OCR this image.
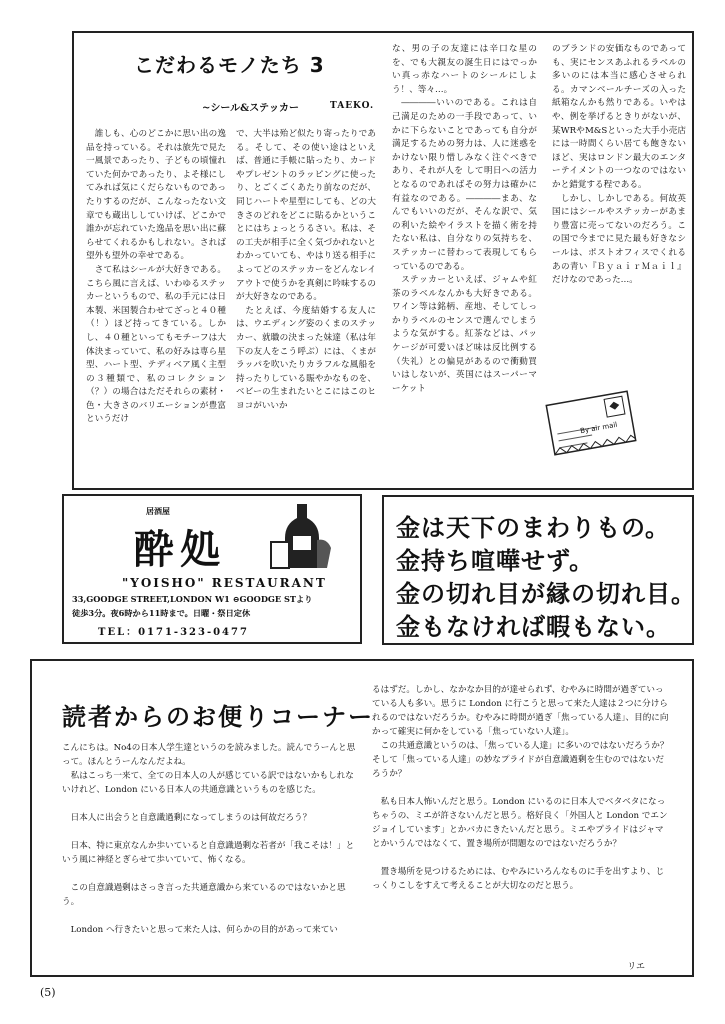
こだわるモノたち 3
~シール&ステッカー	TAEKO.
　誰しも、心のどこかに思い出の逸品を持っている。それは旅先で見た一風景であったり、子どもの頃憧れていた何かであったり、よそ様にしてみれば気にくだらないものであったりするのだが、こんなったない文章でも蔵出ししていけば、どこかで誰かが忘れていた逸品を思い出に蘇らせてくれるかもしれない。されば望外も望外の幸せである。
　さて私はシールが大好きである。こちら風に言えば、いわゆるステッカーというもので、私の手元には日本製、米国製合わせてざっと４０種（！）ほど持ってきている。しかし、４０種といってもモチーフは大体決まっていて、私の好みは専ら星型、ハート型、テディベア風く主型の３種類で、私のコレクション（？）の場合はただそれらの素材・色・大きさのバリエーションが豊富というだけ
で、大半は殆ど似たり寄ったりである。そして、その使い途はといえば、普通に手帳に貼ったり、カードやプレゼントのラッピングに使ったり、とごくごくあたり前なのだが、同じハートや星型にしても、どの大きさのどれをどこに貼るかということにはちょっとうるさい。私は、その工夫が相手に全く気づかれないとわかっていても、やはり送る相手によってどのステッカーをどんなレイアウトで使うかを真剣に吟味するのが大好きなのである。
　たとえば、今度結婚する友人には、ウエディング姿のくまのステッカー、就職の決まった妹達（私は年下の友人をこう呼ぶ）には、くまがラッパを吹いたりカラフルな風船を持ったりしている賑やかなものを、ベビーの生まれたいとこにはこのヒヨコがいいか
な、男の子の友達には辛口な星のを、でも大親友の誕生日にはでっかい真っ赤なハートのシールにしよう！、等々…。
　――――いいのである。これは自己満足のための一手段であって、いかに下らないことであっても自分が満足するための努力は、人に迷惑をかけない限り惜しみなく注ぐべきであり、それが人を して明日への活力となるのであればその努力は確かに有益なのである。――――まあ、なんでもいいのだが、そんな訳で、気の利いた絵やイラストを描く術を持たない私は、自分なりの気持ちを、ステッカーに替わって表現してもらっているのである。
　ステッカーといえば、ジャムや紅茶のラベルなんかも大好きである。ワイン等は銘柄、産地、そしてしっかりラベルのセンスで選んでしまうような気がする。紅茶などは、パッケージが可愛いほど味は反比例する（失礼）との偏見があるので衝動買いはしないが、英国にはスーパーマーケット
のブランドの安価なものであっても、実にセンスあふれるラベルの多いのには本当に感心させられる。カマンベールチーズの入った紙箱なんかも然りである。いやはや、例を挙げるときりがないが、某WRやM&Sといった大手小売店には一時間くらい居ても飽きないほど、実はロンドン最大のエンターテイメントの一つなのではないかと錯覚する程である。
　しかし、しかしである。何故英国にはシールやステッカーがあまり豊富に売ってないのだろう。この国で今までに見た最も好きなシールは、ポストオフィスでくれるあの青い『ＢｙａｉｒＭａｉｌ』だけなのであった…。
By air mail
居酒屋
酔処
"YOISHO" RESTAURANT
33,GOODGE STREET,LONDON W1 ⊖GOODGE STより
徒歩3分。夜6時から11時まで。日曜・祭日定休
TEL：0171-323-0477
金は天下のまわりもの。
金持ち喧嘩せず。
金の切れ目が縁の切れ目。
金もなければ暇もない。
読者からのお便りコーナー
こんにちは。No4の日本人学生達というのを読みました。読んでうーんと思って。ほんとうーんなんだよね。
　私はこっち一来て、全ての日本人の人が感じている訳ではないかもしれないけれど、London にいる日本人の共通意識というものを感じた。

　日本人に出会うと自意識過剰になってしまうのは何故だろう？

　日本、特に東京なんか歩いていると自意識過剰な若者が「我こそは！」という風に神経とぎらせて歩いていて、怖くなる。

　この自意識過剰はさっき言った共通意識から来ているのではないかと思う。

　London へ行きたいと思って来た人は、何らかの目的があって来てい
るはずだ。しかし、なかなか目的が達せられず、むやみに時間が過ぎていっている人も多い。思うに London に行こうと思って来た人達は２つに分けられるのではないだろうか。むやみに時間が過ぎ「焦っている人達」、目的に向かって確実に何かをしている「焦っていない人達」。
　この共通意識というのは、「焦っている人達」に多いのではないだろうか？そして「焦っている人達」の妙なプライドが自意識過剰を生むのではないだろうか？

　私も日本人怖いんだと思う。London にいるのに日本人でベタベタになっちゃうの、ミエが許さないんだと思う。格好良く「外国人と London でエンジョイしています」とかバカにきたいんだと思う。ミエやプライドはジャマとかいうんではなくて、置き場所が問題なのではないだろうか？

　置き場所を見つけるためには、むやみにいろんなものに手を出すより、じっくりこしをすえて考えることが大切なのだと思う。
リエ
(5)
